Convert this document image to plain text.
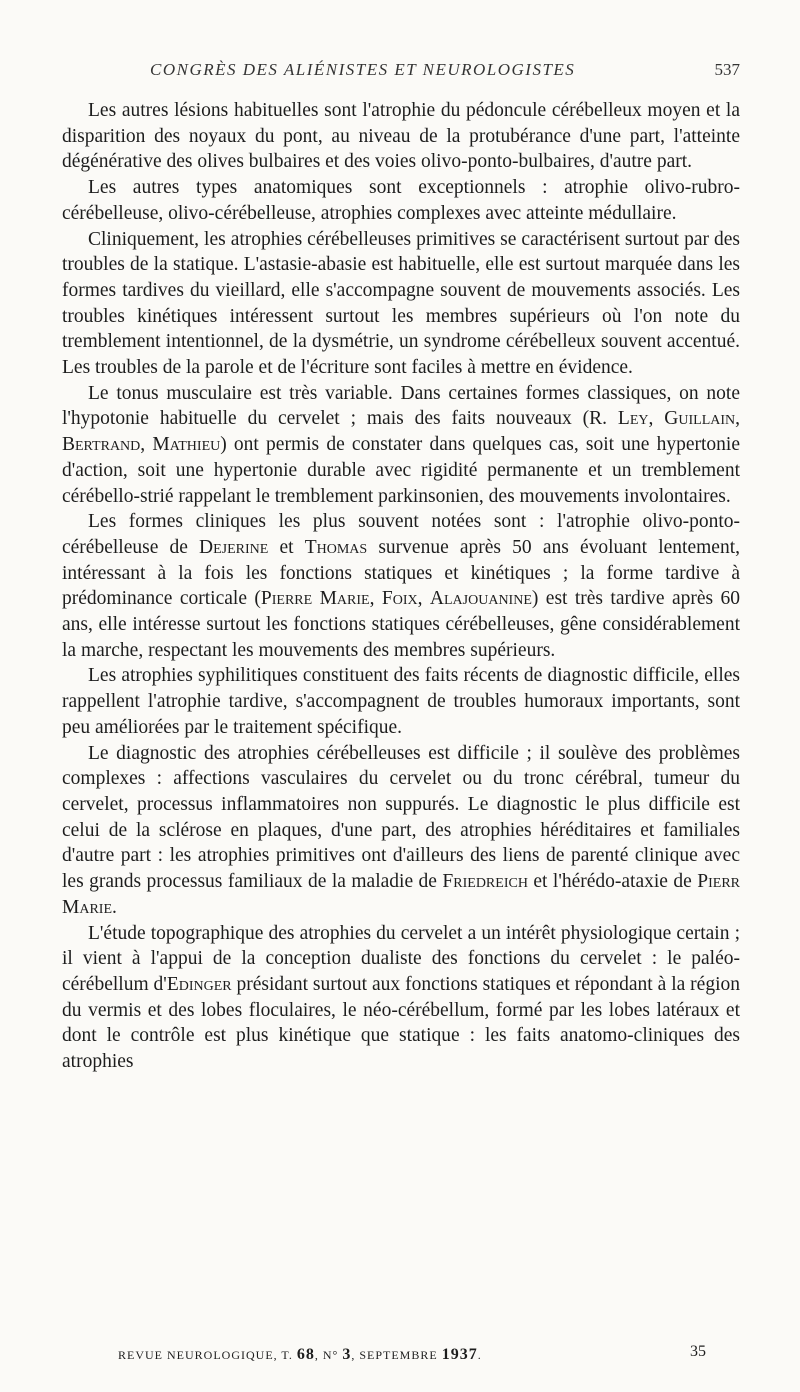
CONGRÈS DES ALIÉNISTES ET NEUROLOGISTES	537

Les autres lésions habituelles sont l'atrophie du pédoncule cérébelleux moyen et la disparition des noyaux du pont, au niveau de la protubérance d'une part, l'atteinte dégénérative des olives bulbaires et des voies olivo-ponto-bulbaires, d'autre part.

Les autres types anatomiques sont exceptionnels : atrophie olivo-rubro-cérébelleuse, olivo-cérébelleuse, atrophies complexes avec atteinte médullaire.

Cliniquement, les atrophies cérébelleuses primitives se caractérisent surtout par des troubles de la statique. L'astasie-abasie est habituelle, elle est surtout marquée dans les formes tardives du vieillard, elle s'accompagne souvent de mouvements associés. Les troubles kinétiques intéressent surtout les membres supérieurs où l'on note du tremblement intentionnel, de la dysmétrie, un syndrome cérébelleux souvent accentué. Les troubles de la parole et de l'écriture sont faciles à mettre en évidence.

Le tonus musculaire est très variable. Dans certaines formes classiques, on note l'hypotonie habituelle du cervelet ; mais des faits nouveaux (R. Ley, Guillain, Bertrand, Mathieu) ont permis de constater dans quelques cas, soit une hypertonie d'action, soit une hypertonie durable avec rigidité permanente et un tremblement cérébello-strié rappelant le tremblement parkinsonien, des mouvements involontaires.

Les formes cliniques les plus souvent notées sont : l'atrophie olivo-ponto-cérébelleuse de Dejerine et Thomas survenue après 50 ans évoluant lentement, intéressant à la fois les fonctions statiques et kinétiques ; la forme tardive à prédominance corticale (Pierre Marie, Foix, Alajouanine) est très tardive après 60 ans, elle intéresse surtout les fonctions statiques cérébelleuses, gêne considérablement la marche, respectant les mouvements des membres supérieurs.

Les atrophies syphilitiques constituent des faits récents de diagnostic difficile, elles rappellent l'atrophie tardive, s'accompagnent de troubles humoraux importants, sont peu améliorées par le traitement spécifique.

Le diagnostic des atrophies cérébelleuses est difficile ; il soulève des problèmes complexes : affections vasculaires du cervelet ou du tronc cérébral, tumeur du cervelet, processus inflammatoires non suppurés. Le diagnostic le plus difficile est celui de la sclérose en plaques, d'une part, des atrophies héréditaires et familiales d'autre part : les atrophies primitives ont d'ailleurs des liens de parenté clinique avec les grands processus familiaux de la maladie de Friedreich et l'hérédo-ataxie de Pierr Marie.

L'étude topographique des atrophies du cervelet a un intérêt physiologique certain ; il vient à l'appui de la conception dualiste des fonctions du cervelet : le paléo-cérébellum d'Edinger présidant surtout aux fonctions statiques et répondant à la région du vermis et des lobes floculaires, le néo-cérébellum, formé par les lobes latéraux et dont le contrôle est plus kinétique que statique : les faits anatomo-cliniques des atrophies

REVUE NEUROLOGIQUE, T. 68, N° 3, SEPTEMBRE 1937.	35
